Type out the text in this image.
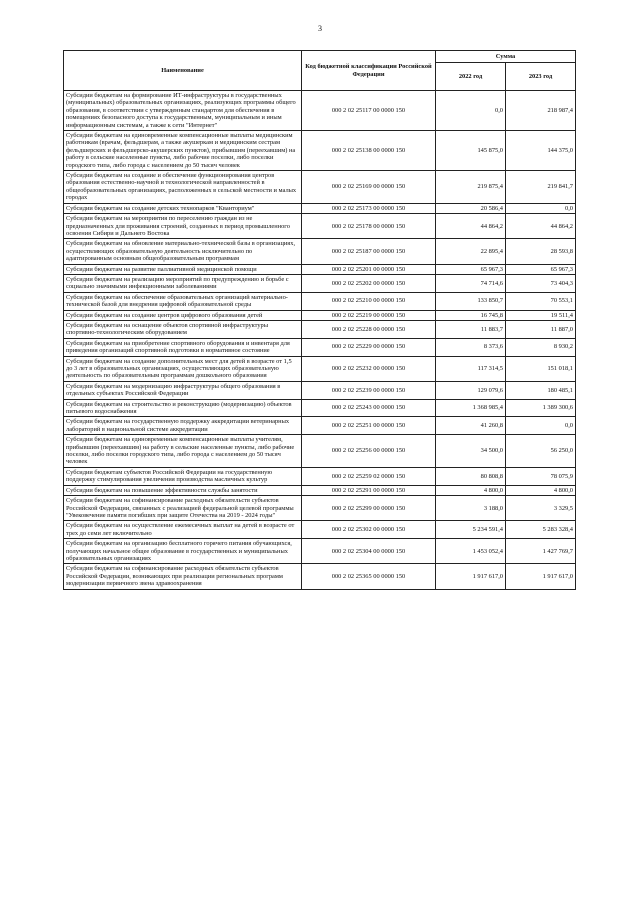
3
Наименование	Код бюджетной классификации Российской Федерации	Сумма	
		2022 год	2023 год
Субсидии бюджетам на формирование ИТ-инфраструктуры в государственных (муниципальных) образовательных организациях, реализующих программы общего образования, в соответствии с утвержденным стандартом для обеспечения в помещениях безопасного доступа к государственным, муниципальным и иным информационным системам, а также к сети "Интернет"	000 2 02 25117 00 0000 150	0,0	218 987,4
Субсидии бюджетам на единовременные компенсационные выплаты медицинским работникам (врачам, фельдшерам, а также акушеркам и медицинским сестрам фельдшерских и фельдшерско-акушерских пунктов), прибывшим (переехавшим) на работу в сельские населенные пункты, либо рабочие поселки, либо поселки городского типа, либо города с населением до 50 тысяч человек	000 2 02 25138 00 0000 150	145 875,0	144 375,0
Субсидии бюджетам на создание и обеспечение функционирования центров образования естественно-научной и технологической направленностей в общеобразовательных организациях, расположенных в сельской местности и малых городах	000 2 02 25169 00 0000 150	219 875,4	219 841,7
Субсидии бюджетам на создание детских технопарков "Кванториум"	000 2 02 25173 00 0000 150	20 586,4	0,0
Субсидии бюджетам на мероприятия по переселению граждан из не предназначенных для проживания строений, созданных в период промышленного освоения Сибири и Дальнего Востока	000 2 02 25178 00 0000 150	44 864,2	44 864,2
Субсидии бюджетам на обновление материально-технической базы в организациях, осуществляющих образовательную деятельность исключительно по адаптированным основным общеобразовательным программам	000 2 02 25187 00 0000 150	22 895,4	28 593,8
Субсидии бюджетам на развитие паллиативной медицинской помощи	000 2 02 25201 00 0000 150	65 967,3	65 967,3
Субсидии бюджетам на реализацию мероприятий по предупреждению и борьбе с социально значимыми инфекционными заболеваниями	000 2 02 25202 00 0000 150	74 714,6	73 404,3
Субсидии бюджетам на обеспечение образовательных организаций материально-технической базой для внедрения цифровой образовательной среды	000 2 02 25210 00 0000 150	133 850,7	70 553,1
Субсидии бюджетам на создание центров цифрового образования детей	000 2 02 25219 00 0000 150	16 745,8	19 511,4
Субсидии бюджетам на оснащение объектов спортивной инфраструктуры спортивно-технологическим оборудованием	000 2 02 25228 00 0000 150	11 883,7	11 887,0
Субсидии бюджетам на приобретение спортивного оборудования и инвентаря для приведения организаций спортивной подготовки в нормативное состояние	000 2 02 25229 00 0000 150	8 373,6	8 930,2
Субсидии бюджетам на создание дополнительных мест для детей в возрасте от 1,5 до 3 лет в образовательных организациях, осуществляющих образовательную деятельность по образовательным программам дошкольного образования	000 2 02 25232 00 0000 150	117 314,5	151 018,1
Субсидии бюджетам на модернизацию инфраструктуры общего образования в отдельных субъектах Российской Федерации	000 2 02 25239 00 0000 150	129 079,6	180 485,1
Субсидии бюджетам на строительство и реконструкцию (модернизацию) объектов питьевого водоснабжения	000 2 02 25243 00 0000 150	1 368 985,4	1 389 300,6
Субсидии бюджетам на государственную поддержку аккредитации ветеринарных лабораторий в национальной системе аккредитации	000 2 02 25251 00 0000 150	41 260,8	0,0
Субсидии бюджетам на единовременные компенсационные выплаты учителям, прибывшим (переехавшим) на работу в сельские населенные пункты, либо рабочие поселки, либо поселки городского типа, либо города с населением до 50 тысяч человек	000 2 02 25256 00 0000 150	34 500,0	56 250,0
Субсидии бюджетам субъектов Российской Федерации на государственную поддержку стимулирования увеличения производства масличных культур	000 2 02 25259 02 0000 150	80 808,8	78 075,9
Субсидии бюджетам на повышение эффективности службы занятости	000 2 02 25291 00 0000 150	4 800,0	4 800,0
Субсидии бюджетам на софинансирование расходных обязательств субъектов Российской Федерации, связанных с реализацией федеральной целевой программы "Увековечение памяти погибших при защите Отечества на 2019 - 2024 годы"	000 2 02 25299 00 0000 150	3 188,0	3 329,5
Субсидии бюджетам на осуществление ежемесячных выплат на детей в возрасте от трех до семи лет включительно	000 2 02 25302 00 0000 150	5 234 591,4	5 283 328,4
Субсидии бюджетам на организацию бесплатного горячего питания обучающихся, получающих начальное общее образование в государственных и муниципальных образовательных организациях	000 2 02 25304 00 0000 150	1 453 052,4	1 427 769,7
Субсидии бюджетам на софинансирование расходных обязательств субъектов Российской Федерации, возникающих при реализации региональных программ модернизации первичного звена здравоохранения	000 2 02 25365 00 0000 150	1 917 617,0	1 917 617,0
